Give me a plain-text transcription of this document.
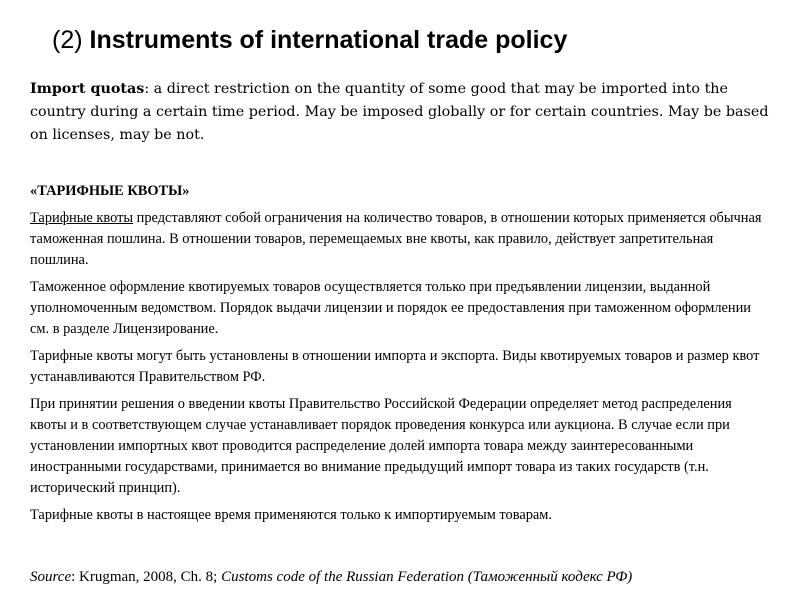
(2) Instruments of international trade policy
Import quotas: a direct restriction on the quantity of some good that may be imported into the country during a certain time period. May be imposed globally or for certain countries. May be based on licenses, may be not.
«ТАРИФНЫЕ КВОТЫ»
Тарифные квоты представляют собой ограничения на количество товаров, в отношении которых применяется обычная таможенная пошлина. В отношении товаров, перемещаемых вне квоты, как правило, действует запретительная пошлина.
Таможенное оформление квотируемых товаров осуществляется только при предъявлении лицензии, выданной уполномоченным ведомством. Порядок выдачи лицензии и порядок ее предоставления при таможенном оформлении см. в разделе Лицензирование.
Тарифные квоты могут быть установлены в отношении импорта и экспорта. Виды квотируемых товаров и размер квот устанавливаются Правительством РФ.
При принятии решения о введении квоты Правительство Российской Федерации определяет метод распределения квоты и в соответствующем случае устанавливает порядок проведения конкурса или аукциона. В случае если при установлении импортных квот проводится распределение долей импорта товара между заинтересованными иностранными государствами, принимается во внимание предыдущий импорт товара из таких государств (т.н. исторический принцип).
Тарифные квоты в настоящее время применяются только к импортируемым товарам.
Source: Krugman, 2008, Ch. 8; Customs code of the Russian Federation (Таможенный кодекс РФ)
